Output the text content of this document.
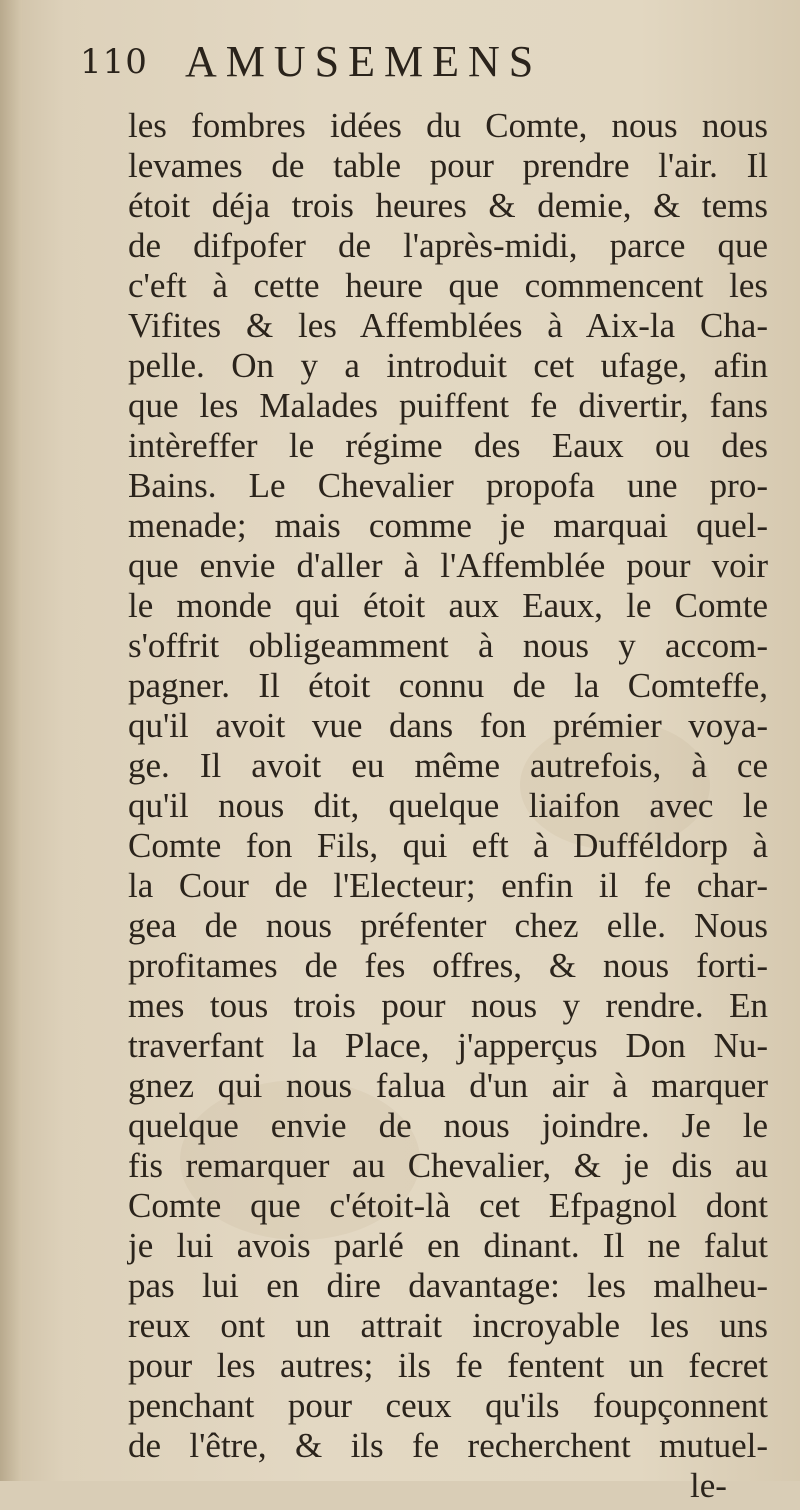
110 AMUSEMENS
les fombres idées du Comte, nous nous
levames de table pour prendre l'air. Il
étoit déja trois heures & demie, & tems
de difpofer de l'après-midi, parce que
c'eft à cette heure que commencent les
Vifites & les Affemblées à Aix-la Cha-
pelle. On y a introduit cet ufage, afin
que les Malades puiffent fe divertir, fans
intèreffer le régime des Eaux ou des
Bains. Le Chevalier propofa une pro-
menade; mais comme je marquai quel-
que envie d'aller à l'Affemblée pour voir
le monde qui étoit aux Eaux, le Comte
s'offrit obligeamment à nous y accom-
pagner. Il étoit connu de la Comteffe,
qu'il avoit vue dans fon prémier voya-
ge. Il avoit eu même autrefois, à ce
qu'il nous dit, quelque liaifon avec le
Comte fon Fils, qui eft à Dufféldorp à
la Cour de l'Electeur; enfin il fe char-
gea de nous préfenter chez elle. Nous
profitames de fes offres, & nous forti-
mes tous trois pour nous y rendre. En
traverfant la Place, j'apperçus Don Nu-
gnez qui nous falua d'un air à marquer
quelque envie de nous joindre. Je le
fis remarquer au Chevalier, & je dis au
Comte que c'étoit-là cet Efpagnol dont
je lui avois parlé en dinant. Il ne falut
pas lui en dire davantage: les malheu-
reux ont un attrait incroyable les uns
pour les autres; ils fe fentent un fecret
penchant pour ceux qu'ils foupçonnent
de l'être, & ils fe recherchent mutuel-
le-
